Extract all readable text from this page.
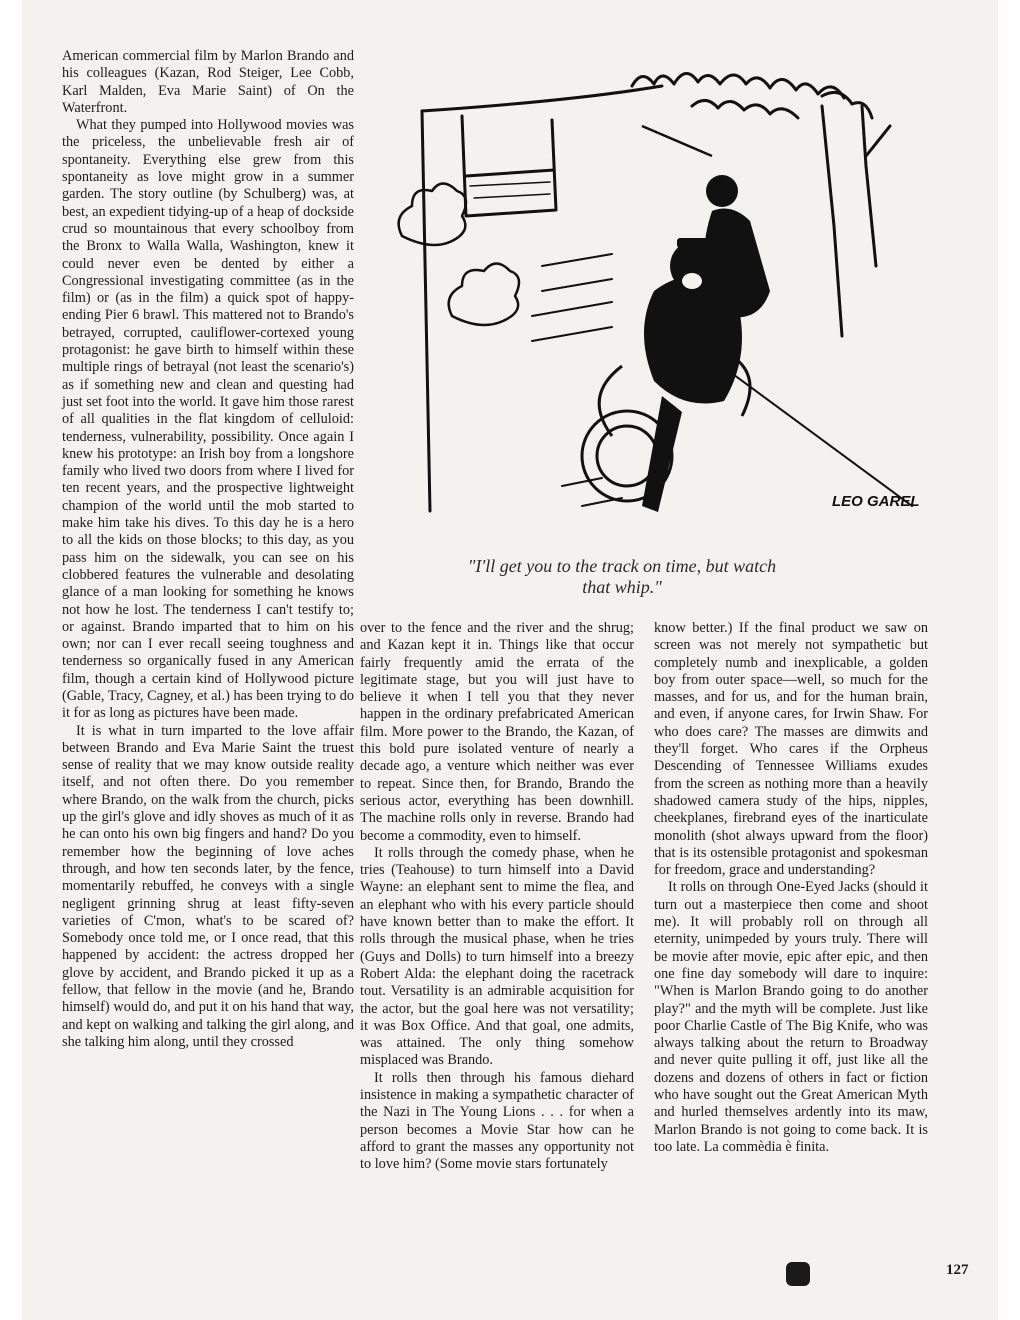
American commercial film by Marlon Brando and his colleagues (Kazan, Rod Steiger, Lee Cobb, Karl Malden, Eva Marie Saint) of On the Waterfront.

What they pumped into Hollywood movies was the priceless, the unbelievable fresh air of spontaneity. Everything else grew from this spontaneity as love might grow in a summer garden. The story outline (by Schulberg) was, at best, an expedient tidying-up of a heap of dockside crud so mountainous that every schoolboy from the Bronx to Walla Walla, Washington, knew it could never even be dented by either a Congressional investigating committee (as in the film) or (as in the film) a quick spot of happy-ending Pier 6 brawl. This mattered not to Brando's betrayed, corrupted, cauliflower-cortexed young protagonist: he gave birth to himself within these multiple rings of betrayal (not least the scenario's) as if something new and clean and questing had just set foot into the world. It gave him those rarest of all qualities in the flat kingdom of celluloid: tenderness, vulnerability, possibility. Once again I knew his prototype: an Irish boy from a longshore family who lived two doors from where I lived for ten recent years, and the prospective lightweight champion of the world until the mob started to make him take his dives. To this day he is a hero to all the kids on those blocks; to this day, as you pass him on the sidewalk, you can see on his clobbered features the vulnerable and desolating glance of a man looking for something he knows not how he lost. The tenderness I can't testify to; or against. Brando imparted that to him on his own; nor can I ever recall seeing toughness and tenderness so organically fused in any American film, though a certain kind of Hollywood picture (Gable, Tracy, Cagney, et al.) has been trying to do it for as long as pictures have been made.

It is what in turn imparted to the love affair between Brando and Eva Marie Saint the truest sense of reality that we may know outside reality itself, and not often there. Do you remember where Brando, on the walk from the church, picks up the girl's glove and idly shoves as much of it as he can onto his own big fingers and hand? Do you remember how the beginning of love aches through, and how ten seconds later, by the fence, momentarily rebuffed, he conveys with a single negligent grinning shrug at least fifty-seven varieties of C'mon, what's to be scared of? Somebody once told me, or I once read, that this happened by accident: the actress dropped her glove by accident, and Brando picked it up as a fellow, that fellow in the movie (and he, Brando himself) would do, and put it on his hand that way, and kept on walking and talking the girl along, and she talking him along, until they crossed

LEO GAREL
"I'll get you to the track on time, but watch that whip."

over to the fence and the river and the shrug; and Kazan kept it in. Things like that occur fairly frequently amid the errata of the legitimate stage, but you will just have to believe it when I tell you that they never happen in the ordinary prefabricated American film. More power to the Brando, the Kazan, of this bold pure isolated venture of nearly a decade ago, a venture which neither was ever to repeat. Since then, for Brando, Brando the serious actor, everything has been downhill. The machine rolls only in reverse. Brando had become a commodity, even to himself.

It rolls through the comedy phase, when he tries (Teahouse) to turn himself into a David Wayne: an elephant sent to mime the flea, and an elephant who with his every particle should have known better than to make the effort. It rolls through the musical phase, when he tries (Guys and Dolls) to turn himself into a breezy Robert Alda: the elephant doing the racetrack tout. Versatility is an admirable acquisition for the actor, but the goal here was not versatility; it was Box Office. And that goal, one admits, was attained. The only thing somehow misplaced was Brando.

It rolls then through his famous diehard insistence in making a sympathetic character of the Nazi in The Young Lions . . . for when a person becomes a Movie Star how can he afford to grant the masses any opportunity not to love him? (Some movie stars fortunately

know better.) If the final product we saw on screen was not merely not sympathetic but completely numb and inexplicable, a golden boy from outer space—well, so much for the masses, and for us, and for the human brain, and even, if anyone cares, for Irwin Shaw. For who does care? The masses are dimwits and they'll forget. Who cares if the Orpheus Descending of Tennessee Williams exudes from the screen as nothing more than a heavily shadowed camera study of the hips, nipples, cheekplanes, firebrand eyes of the inarticulate monolith (shot always upward from the floor) that is its ostensible protagonist and spokesman for freedom, grace and understanding?

It rolls on through One-Eyed Jacks (should it turn out a masterpiece then come and shoot me). It will probably roll on through all eternity, unimpeded by yours truly. There will be movie after movie, epic after epic, and then one fine day somebody will dare to inquire: "When is Marlon Brando going to do another play?" and the myth will be complete. Just like poor Charlie Castle of The Big Knife, who was always talking about the return to Broadway and never quite pulling it off, just like all the dozens and dozens of others in fact or fiction who have sought out the Great American Myth and hurled themselves ardently into its maw, Marlon Brando is not going to come back. It is too late. La commèdia è finita.

127
